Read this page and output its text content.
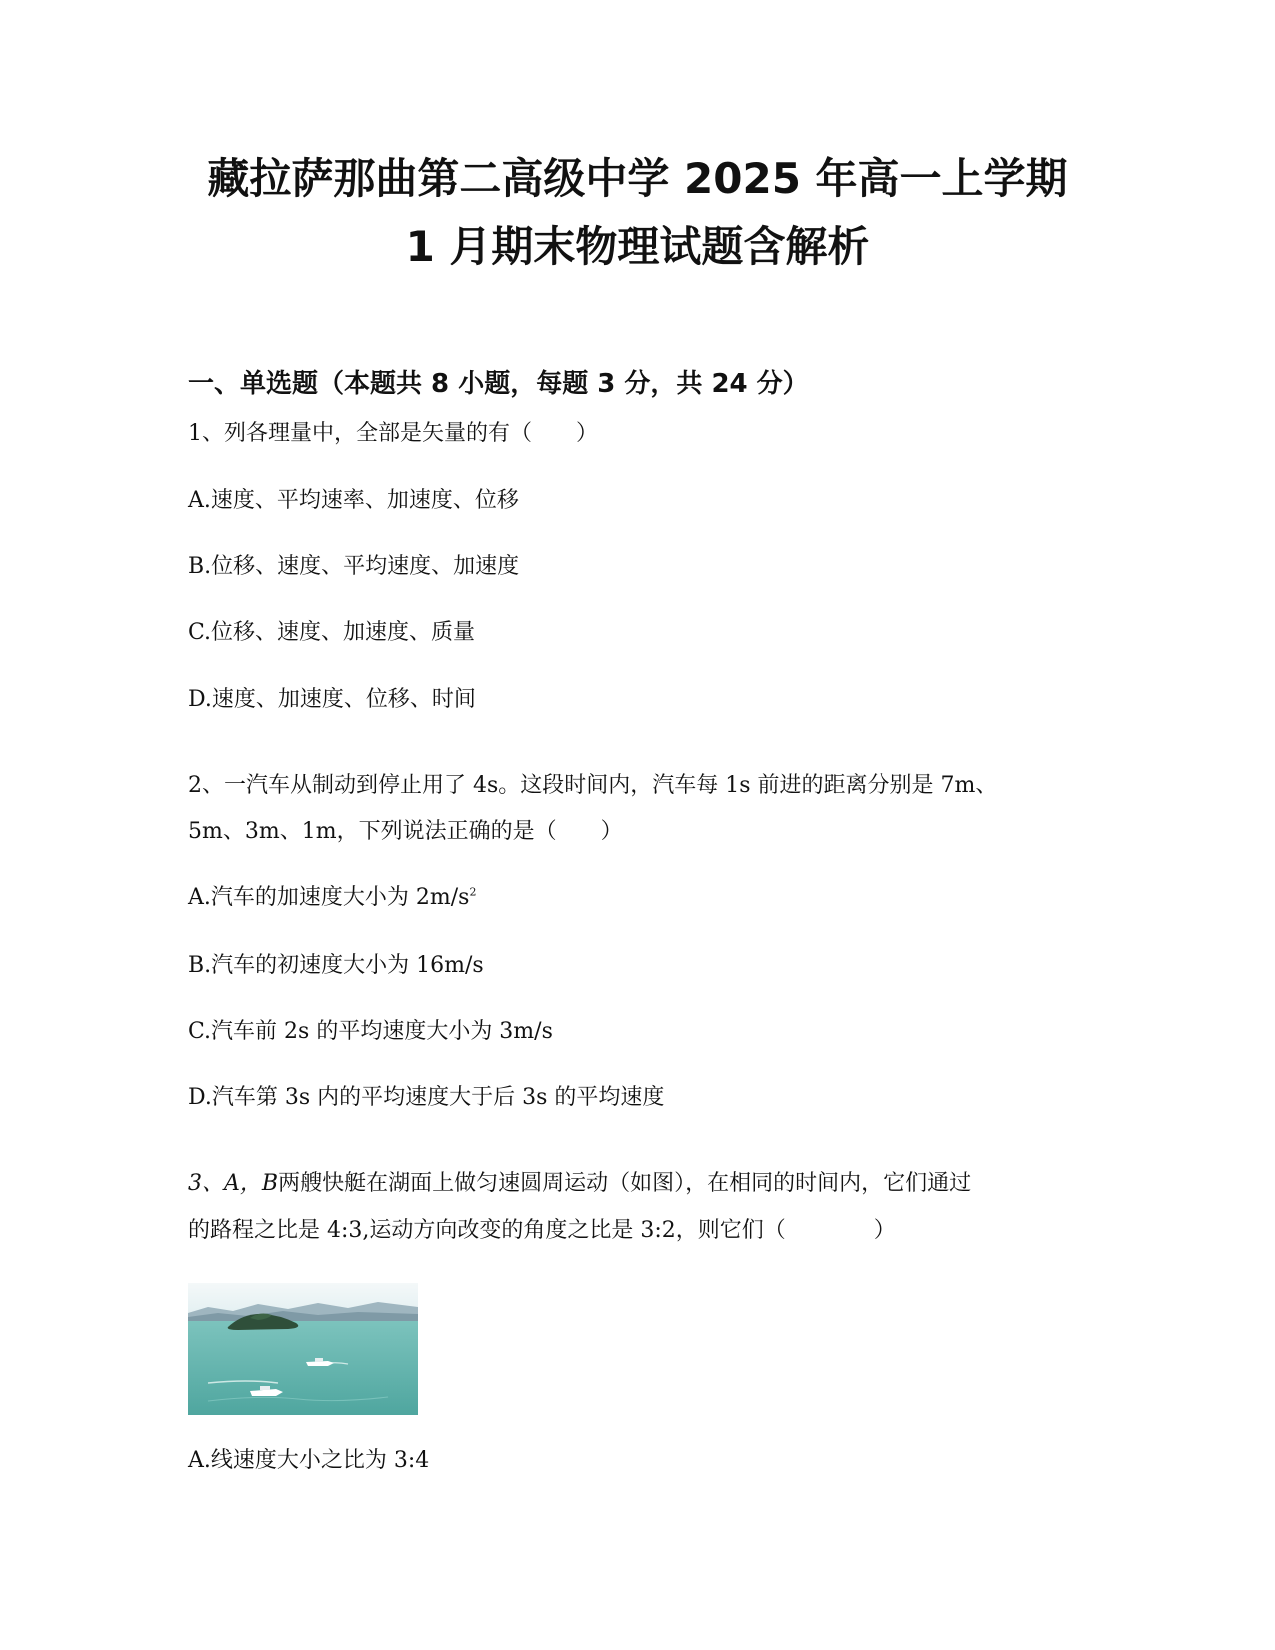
藏拉萨那曲第二高级中学 2025 年高一上学期
1 月期末物理试题含解析
一、单选题（本题共 8 小题，每题 3 分，共 24 分）
1、列各理量中，全部是矢量的有（　　）
A.速度、平均速率、加速度、位移
B.位移、速度、平均速度、加速度
C.位移、速度、加速度、质量
D.速度、加速度、位移、时间
2、一汽车从制动到停止用了 4s。这段时间内，汽车每 1s 前进的距离分别是 7m、
5m、3m、1m，下列说法正确的是（　　）
A.汽车的加速度大小为 $2m/s^2$
B.汽车的初速度大小为 16m/s
C.汽车前 2s 的平均速度大小为 3m/s
D.汽车第 3s 内的平均速度大于后 3s 的平均速度
3、A，B两艘快艇在湖面上做匀速圆周运动（如图），在相同的时间内，它们通过
的路程之比是 4:3,运动方向改变的角度之比是 3:2，则它们（　　　　）
A.线速度大小之比为 3:4
